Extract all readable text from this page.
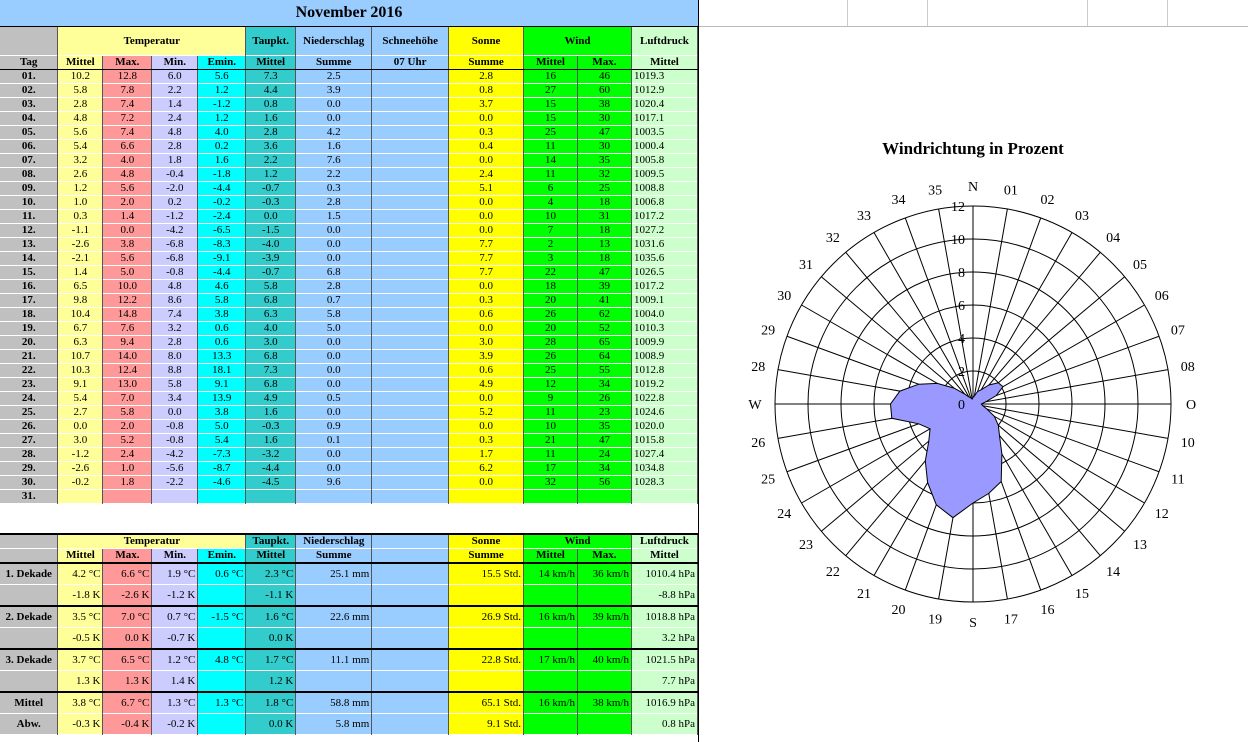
November 2016
	Temperatur				Taupkt.	Niederschlag	Schneehöhe	Sonne	Wind		Luftdruck
Tag	Mittel	Max.	Min.	Emin.	Mittel	Summe	07 Uhr	Summe	Mittel	Max.	Mittel
01.	10.2	12.8	6.0	5.6	7.3	2.5		2.8	16	46	1019.3
02.	5.8	7.8	2.2	1.2	4.4	3.9		0.8	27	60	1012.9
03.	2.8	7.4	1.4	-1.2	0.8	0.0		3.7	15	38	1020.4
04.	4.8	7.2	2.4	1.2	1.6	0.0		0.0	15	30	1017.1
05.	5.6	7.4	4.8	4.0	2.8	4.2		0.3	25	47	1003.5
06.	5.4	6.6	2.8	0.2	3.6	1.6		0.4	11	30	1000.4
07.	3.2	4.0	1.8	1.6	2.2	7.6		0.0	14	35	1005.8
08.	2.6	4.8	-0.4	-1.8	1.2	2.2		2.4	11	32	1009.5
09.	1.2	5.6	-2.0	-4.4	-0.7	0.3		5.1	6	25	1008.8
10.	1.0	2.0	0.2	-0.2	-0.3	2.8		0.0	4	18	1006.8
11.	0.3	1.4	-1.2	-2.4	0.0	1.5		0.0	10	31	1017.2
12.	-1.1	0.0	-4.2	-6.5	-1.5	0.0		0.0	7	18	1027.2
13.	-2.6	3.8	-6.8	-8.3	-4.0	0.0		7.7	2	13	1031.6
14.	-2.1	5.6	-6.8	-9.1	-3.9	0.0		7.7	3	18	1035.6
15.	1.4	5.0	-0.8	-4.4	-0.7	6.8		7.7	22	47	1026.5
16.	6.5	10.0	4.8	4.6	5.8	2.8		0.0	18	39	1017.2
17.	9.8	12.2	8.6	5.8	6.8	0.7		0.3	20	41	1009.1
18.	10.4	14.8	7.4	3.8	6.3	5.8		0.6	26	62	1004.0
19.	6.7	7.6	3.2	0.6	4.0	5.0		0.0	20	52	1010.3
20.	6.3	9.4	2.8	0.6	3.0	0.0		3.0	28	65	1009.9
21.	10.7	14.0	8.0	13.3	6.8	0.0		3.9	26	64	1008.9
22.	10.3	12.4	8.8	18.1	7.3	0.0		0.6	25	55	1012.8
23.	9.1	13.0	5.8	9.1	6.8	0.0		4.9	12	34	1019.2
24.	5.4	7.0	3.4	13.9	4.9	0.5		0.0	9	26	1022.8
25.	2.7	5.8	0.0	3.8	1.6	0.0		5.2	11	23	1024.6
26.	0.0	2.0	-0.8	5.0	-0.3	0.9		0.0	10	35	1020.0
27.	3.0	5.2	-0.8	5.4	1.6	0.1		0.3	21	47	1015.8
28.	-1.2	2.4	-4.2	-7.3	-3.2	0.0		1.7	11	24	1027.4
29.	-2.6	1.0	-5.6	-8.7	-4.4	0.0		6.2	17	34	1034.8
30.	-0.2	1.8	-2.2	-4.6	-4.5	9.6		0.0	32	56	1028.3
31.											
	Temperatur				Taupkt.	Niederschlag		Sonne	Wind		Luftdruck
	Mittel	Max.	Min.	Emin.	Mittel	Summe		Summe	Mittel	Max.	Mittel
1. Dekade	4.2 °C	6.6 °C	1.9 °C	0.6 °C	2.3 °C	25.1 mm		15.5 Std.	14 km/h	36 km/h	1010.4 hPa
	-1.8 K	-2.6 K	-1.2 K		-1.1 K						-8.8 hPa
2. Dekade	3.5 °C	7.0 °C	0.7 °C	-1.5 °C	1.6 °C	22.6 mm		26.9 Std.	16 km/h	39 km/h	1018.8 hPa
	-0.5 K	0.0 K	-0.7 K		0.0 K						3.2 hPa
3. Dekade	3.7 °C	6.5 °C	1.2 °C	4.8 °C	1.7 °C	11.1 mm		22.8 Std.	17 km/h	40 km/h	1021.5 hPa
	1.3 K	1.3 K	1.4 K		1.2 K						7.7 hPa
Mittel	3.8 °C	6.7 °C	1.3 °C	1.3 °C	1.8 °C	58.8 mm		65.1 Std.	16 km/h	38 km/h	1016.9 hPa
Abw.	-0.3 K	-0.4 K	-0.2 K		0.0 K	5.8 mm		9.1 Std.			0.8 hPa
Windrichtung in Prozent
N 01
02
03
04
05
06
07
08
O
10
11
12
13
14
15
16
17
S
19
20
21
22
23
24
25
26
W
28
29
30
31
32
33
34
35
0
2
4
6
8
10
12
